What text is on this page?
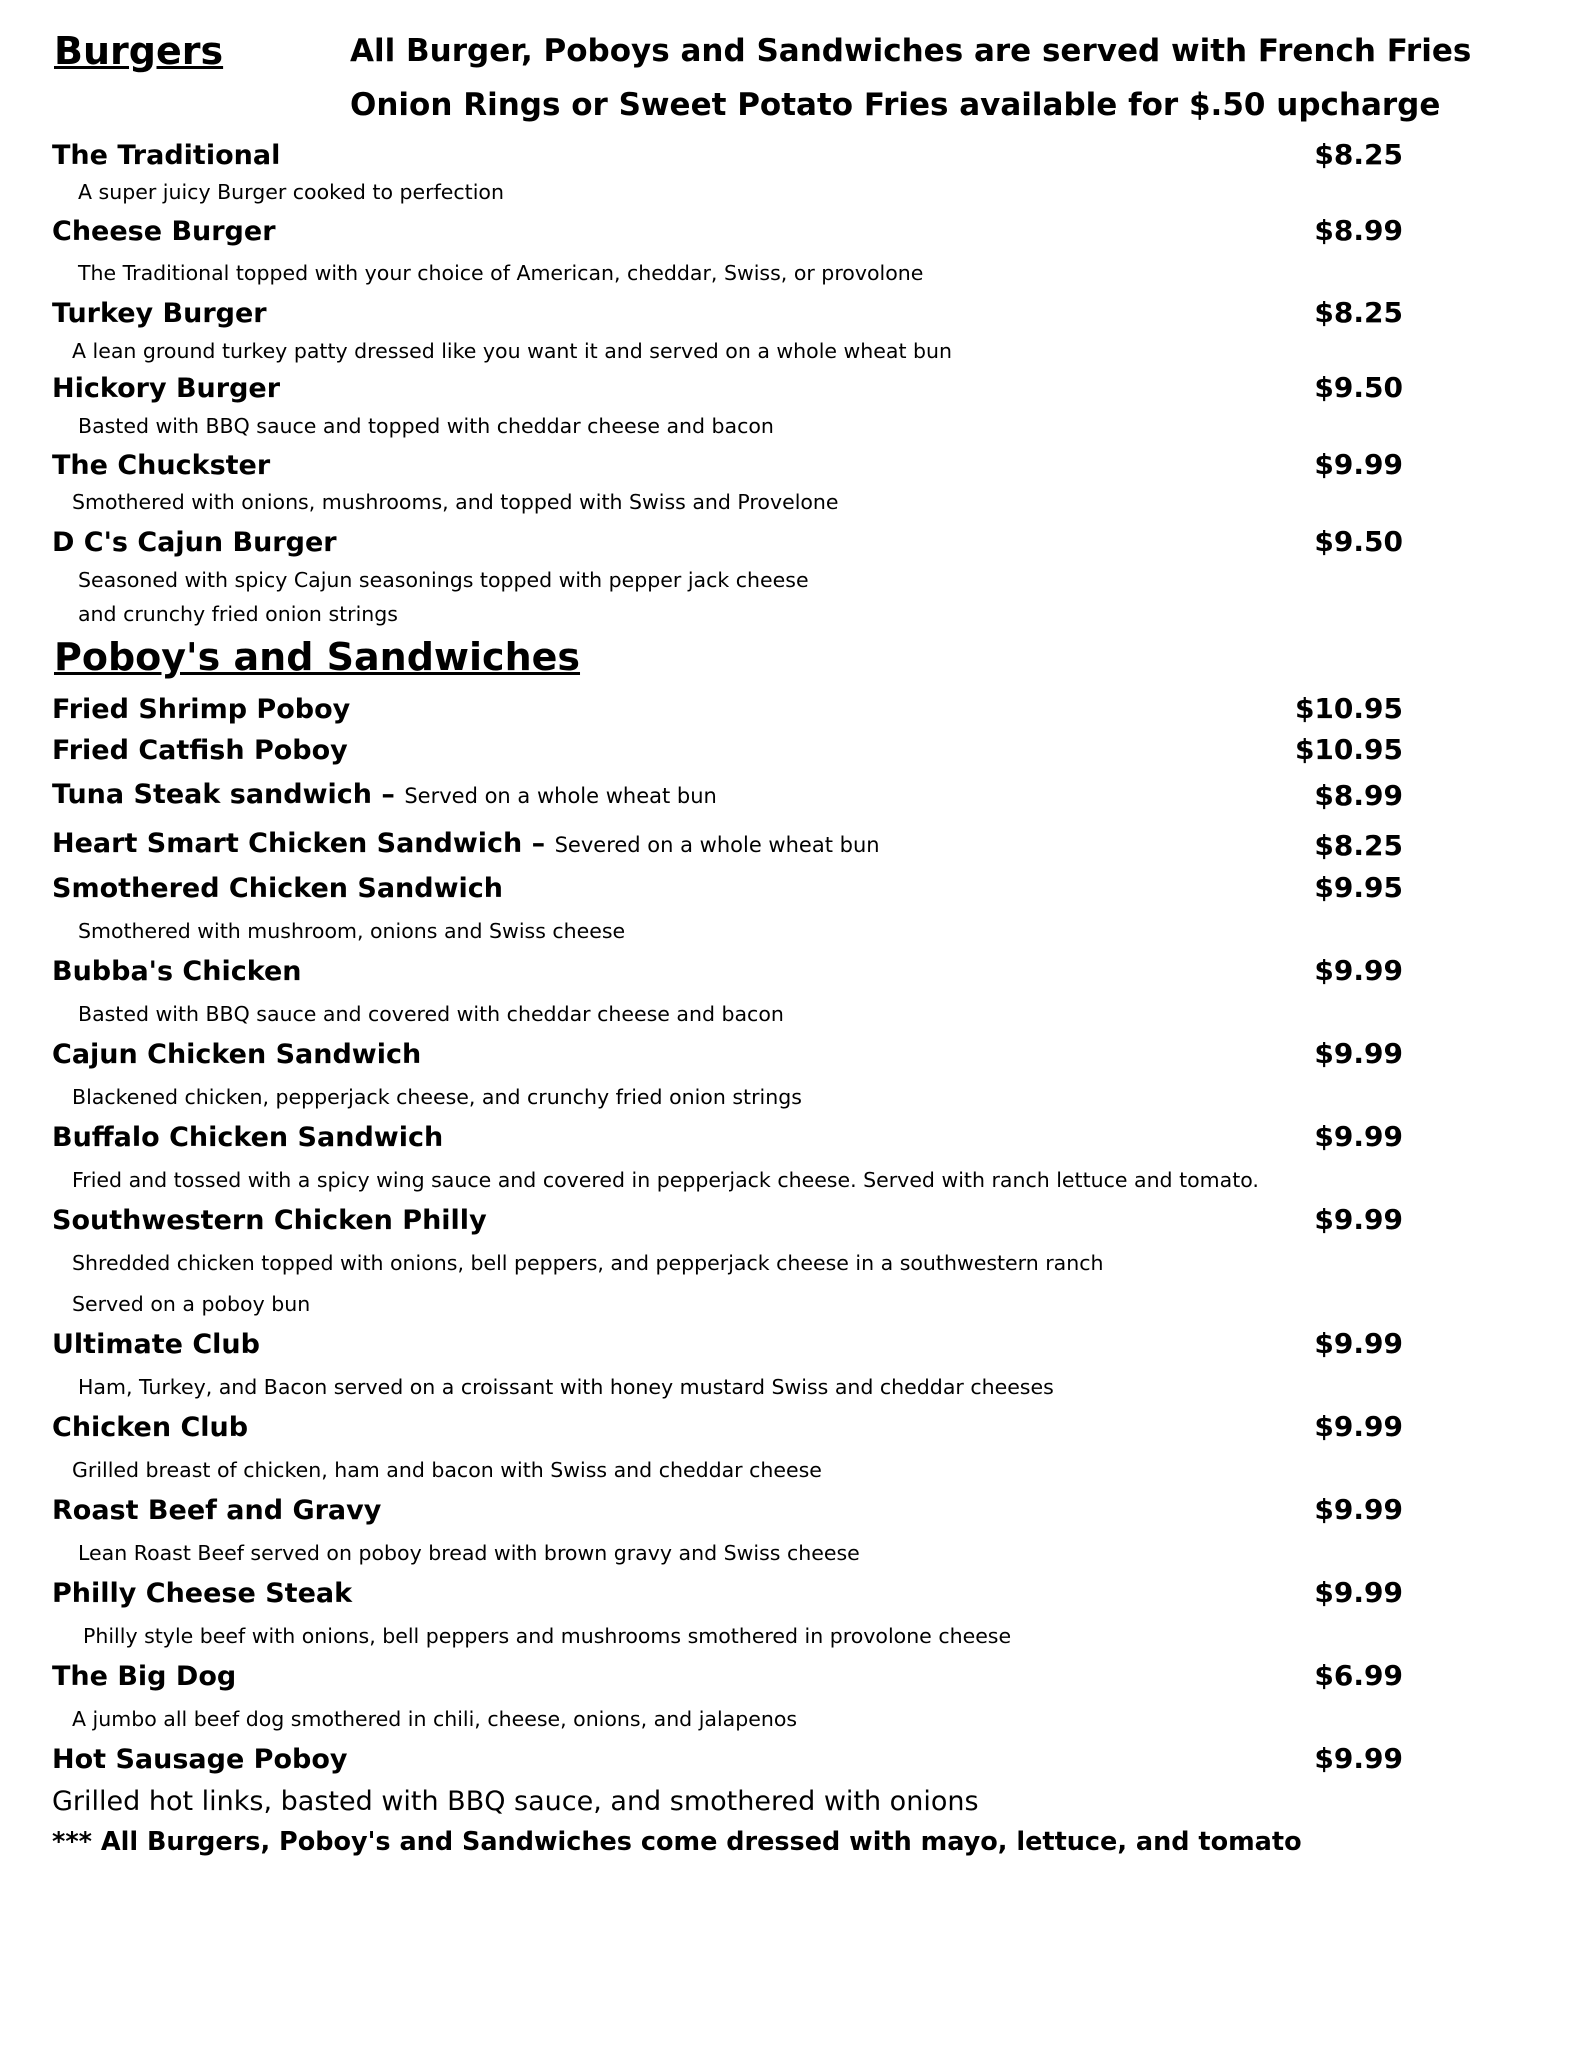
Burgers	All Burger, Poboys and Sandwiches are served with French Fries
Onion Rings or Sweet Potato Fries available for $.50 upcharge
The Traditional	$8.25
A super juicy Burger cooked to perfection
Cheese Burger	$8.99
The Traditional topped with your choice of American, cheddar, Swiss, or provolone
Turkey Burger	$8.25
A lean ground turkey patty dressed like you want it and served on a whole wheat bun
Hickory Burger	$9.50
Basted with BBQ sauce and topped with cheddar cheese and bacon
The Chuckster	$9.99
Smothered with onions, mushrooms, and topped with Swiss and Provelone
D C's Cajun Burger	$9.50
Seasoned with spicy Cajun seasonings topped with pepper jack cheese
and crunchy fried onion strings
Poboy's and Sandwiches
Fried Shrimp Poboy	$10.95
Fried Catfish Poboy	$10.95
Tuna Steak sandwich – Served on a whole wheat bun	$8.99
Heart Smart Chicken Sandwich – Severed on a whole wheat bun	$8.25
Smothered Chicken Sandwich	$9.95
Smothered with mushroom, onions and Swiss cheese
Bubba's Chicken	$9.99
Basted with BBQ sauce and covered with cheddar cheese and bacon
Cajun Chicken Sandwich	$9.99
Blackened chicken, pepperjack cheese, and crunchy fried onion strings
Buffalo Chicken Sandwich	$9.99
Fried and tossed with a spicy wing sauce and covered in pepperjack cheese. Served with ranch lettuce and tomato.
Southwestern Chicken Philly	$9.99
Shredded chicken topped with onions, bell peppers, and pepperjack cheese in a southwestern ranch
Served on a poboy bun
Ultimate Club	$9.99
Ham, Turkey, and Bacon served on a croissant with honey mustard Swiss and cheddar cheeses
Chicken Club	$9.99
Grilled breast of chicken, ham and bacon with Swiss and cheddar cheese
Roast Beef and Gravy	$9.99
Lean Roast Beef served on poboy bread with brown gravy and Swiss cheese
Philly Cheese Steak	$9.99
Philly style beef with onions, bell peppers and mushrooms smothered in provolone cheese
The Big Dog	$6.99
A jumbo all beef dog smothered in chili, cheese, onions, and jalapenos
Hot Sausage Poboy	$9.99
Grilled hot links, basted with BBQ sauce, and smothered with onions
*** All Burgers, Poboy's and Sandwiches come dressed with mayo, lettuce, and tomato
